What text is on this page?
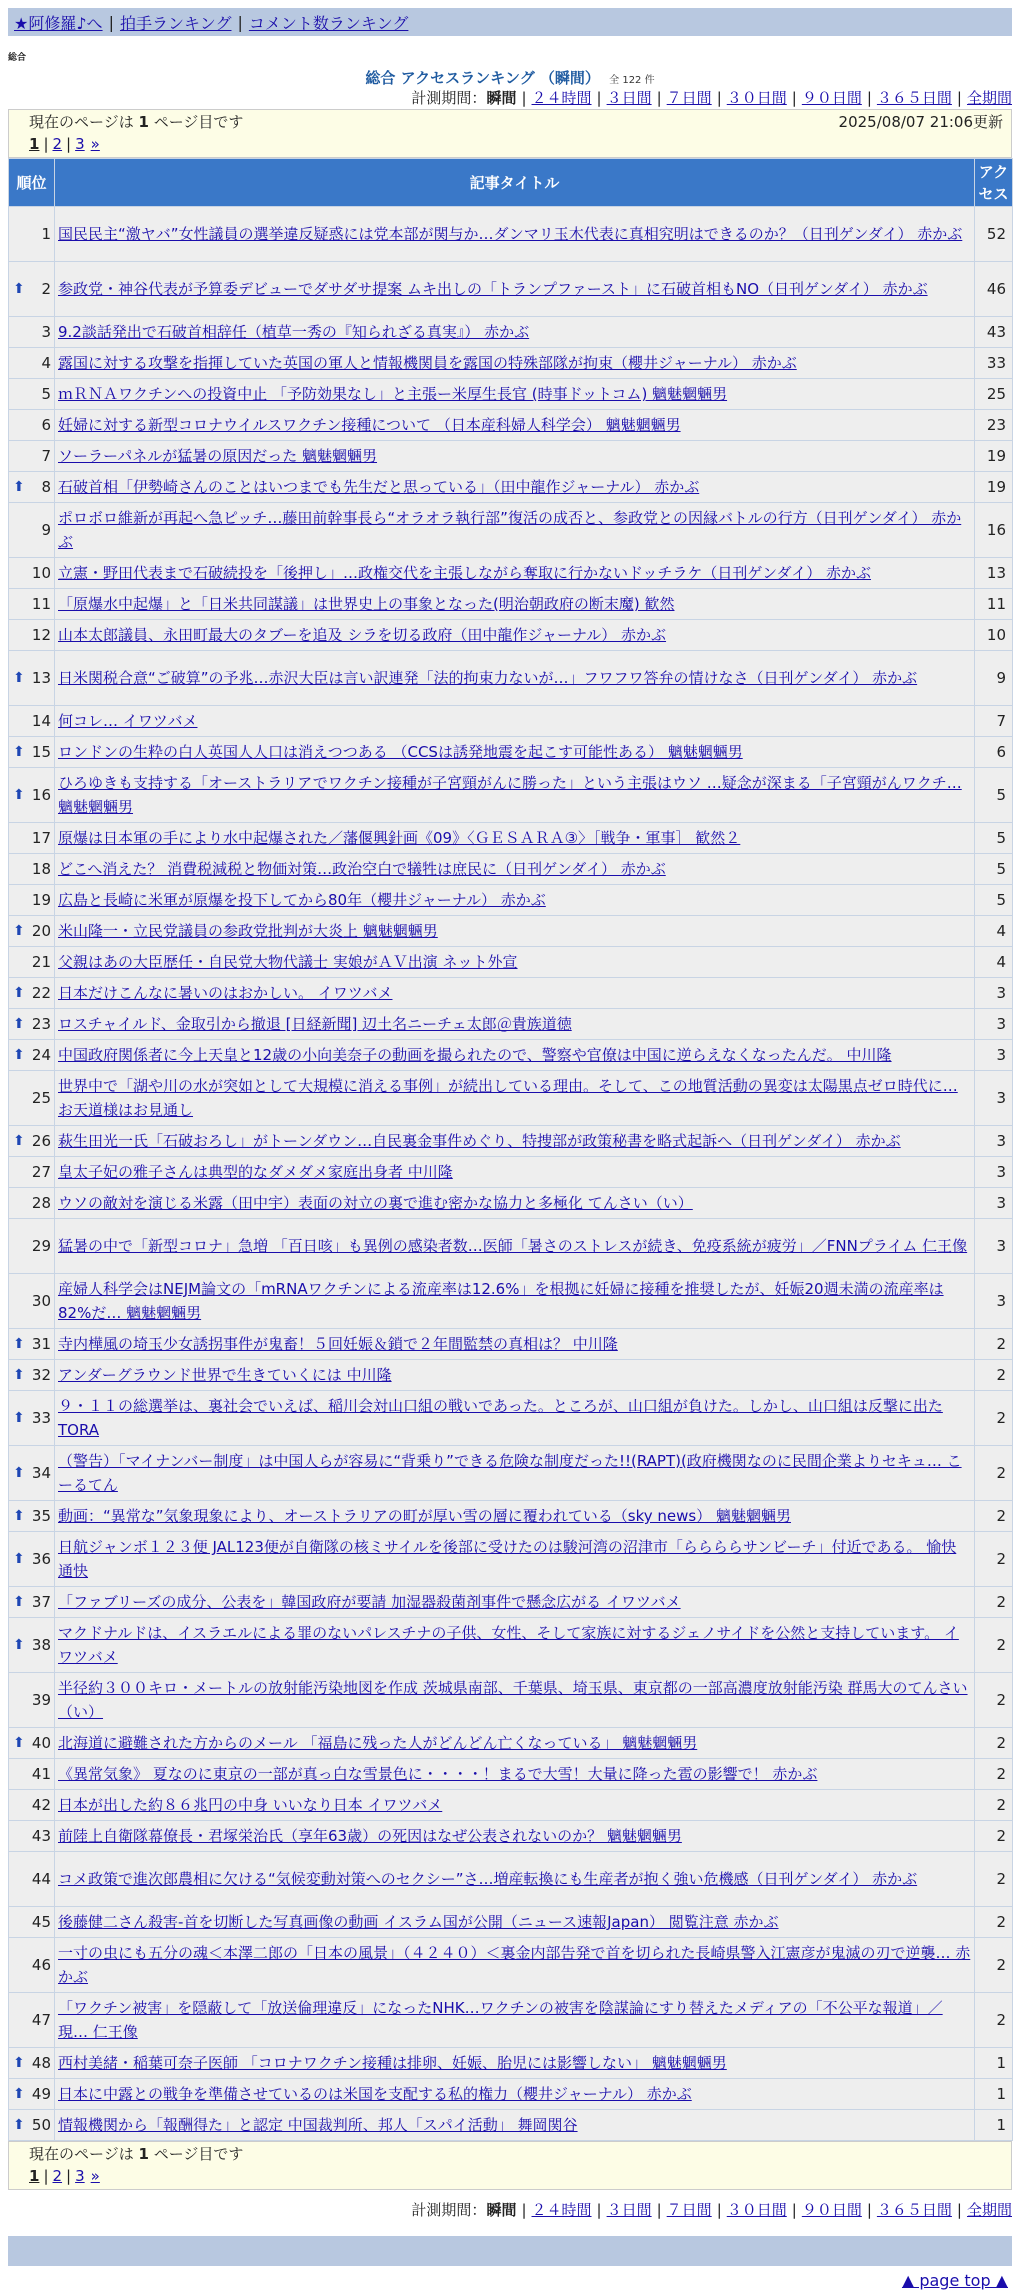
★阿修羅♪へ | 拍手ランキング | コメント数ランキング
総合
総合 アクセスランキング （瞬間） 全 122 件
計測期間：瞬間 | ２４時間 | ３日間 | ７日間 | ３０日間 | ９０日間 | ３６５日間 | 全期間
現在のページは 1 ページ目です	2025/08/07 21:06更新
1 | 2 | 3 »
順位	記事タイトル	アクセス
1	国民民主“激ヤバ”女性議員の選挙違反疑惑には党本部が関与か…ダンマリ玉木代表に真相究明はできるのか？（日刊ゲンダイ） 赤かぶ	52

⬆ 2	参政党・神谷代表が予算委デビューでダサダサ提案 ムキ出しの「トランプファースト」に石破首相もNO（日刊ゲンダイ） 赤かぶ	46
3	9.2談話発出で石破首相辞任（植草一秀の『知られざる真実』） 赤かぶ	43
4	露国に対する攻撃を指揮していた英国の軍人と情報機関員を露国の特殊部隊が拘束（櫻井ジャーナル） 赤かぶ	33
5	ｍＲＮＡワクチンへの投資中止 「予防効果なし」と主張ー米厚生長官 (時事ドットコム) 魑魅魍魎男	25
6	妊婦に対する新型コロナウイルスワクチン接種について （日本産科婦人科学会） 魑魅魍魎男	23
7	ソーラーパネルが猛暑の原因だった 魑魅魍魎男	19

⬆ 8	石破首相「伊勢崎さんのことはいつまでも先生だと思っている」（田中龍作ジャーナル） 赤かぶ	19
9	ポロボロ維新が再起へ急ピッチ…藤田前幹事長ら“オラオラ執行部”復活の成否と、参政党との因縁バトルの行方（日刊ゲンダイ） 赤かぶ	16
10	立憲・野田代表まで石破続投を「後押し」…政権交代を主張しながら奪取に行かないドッチラケ（日刊ゲンダイ） 赤かぶ	13
11	「原爆水中起爆」と「日米共同謀議」は世界史上の事象となった(明治朝政府の断末魔) 歓然	11
12	山本太郎議員、永田町最大のタブーを追及 シラを切る政府（田中龍作ジャーナル） 赤かぶ	10

⬆ 13	日米関税合意“ご破算”の予兆…赤沢大臣は言い訳連発「法的拘束力ないが…」フワフワ答弁の情けなさ（日刊ゲンダイ） 赤かぶ	9
14	何コレ… イワツバメ	7

⬆ 15	ロンドンの生粋の白人英国人人口は消えつつある （CCSは誘発地震を起こす可能性ある） 魑魅魍魎男	6

⬆ 16	ひろゆきも支持する「オーストラリアでワクチン接種が子宮頸がんに勝った」という主張はウソ …疑念が深まる「子宮頸がんワクチ… 魑魅魍魎男	5
17	原爆は日本軍の手により水中起爆された／藩偃興針画《09》〈ＧＥＳＡＲＡ③〉［戦争・軍事］ 歓然２	5
18	どこへ消えた？ 消費税減税と物価対策…政治空白で犠牲は庶民に（日刊ゲンダイ） 赤かぶ	5
19	広島と長崎に米軍が原爆を投下してから80年（櫻井ジャーナル） 赤かぶ	5

⬆ 20	米山隆一・立民党議員の参政党批判が大炎上 魑魅魍魎男	4
21	父親はあの大臣歴任・自民党大物代議士 実娘がＡＶ出演 ネット外宣	4

⬆ 22	日本だけこんなに暑いのはおかしい。 イワツバメ	3

⬆ 23	ロスチャイルド、金取引から撤退 [日経新聞] 辺土名ニーチェ太郎＠貴族道徳	3

⬆ 24	中国政府関係者に今上天皇と12歳の小向美奈子の動画を撮られたので、警察や官僚は中国に逆らえなくなったんだ。 中川隆	3
25	世界中で「湖や川の水が突如として大規模に消える事例」が続出している理由。そして、この地質活動の異変は太陽黒点ゼロ時代に… お天道様はお見通し	3

⬆ 26	萩生田光一氏「石破おろし」がトーンダウン…自民裏金事件めぐり、特捜部が政策秘書を略式起訴へ（日刊ゲンダイ） 赤かぶ	3
27	皇太子妃の雅子さんは典型的なダメダメ家庭出身者 中川隆	3
28	ウソの敵対を演じる米露（田中宇）表面の対立の裏で進む密かな協力と多極化 てんさい（い）	3
29	猛暑の中で「新型コロナ」急増 「百日咳」も異例の感染者数…医師「暑さのストレスが続き、免疫系統が疲労」／FNNプライム 仁王像	3
30	産婦人科学会はNEJM論文の「mRNAワクチンによる流産率は12.6%」を根拠に妊婦に接種を推奨したが、妊娠20週未満の流産率は82%だ… 魑魅魍魎男	3

⬆ 31	寺内樺風の埼玉少女誘拐事件が鬼畜！５回妊娠＆鎖で２年間監禁の真相は？ 中川隆	2

⬆ 32	アンダーグラウンド世界で生きていくには 中川隆	2

⬆ 33	９・１１の総選挙は、裏社会でいえば、稲川会対山口組の戦いであった。ところが、山口組が負けた。しかし、山口組は反撃に出た TORA	2

⬆ 34	（警告）「マイナンバー制度」は中国人らが容易に“背乗り”できる危険な制度だった!!(RAPT)(政府機関なのに民間企業よりセキュ… こーるてん	2

⬆ 35	動画：“異常な”気象現象により、オーストラリアの町が厚い雪の層に覆われている（sky news） 魑魅魍魎男	2

⬆ 36	日航ジャンボ１２３便 JAL123便が自衛隊の核ミサイルを後部に受けたのは駿河湾の沼津市「ららららサンビーチ」付近である。 愉快通快	2

⬆ 37	「ファブリーズの成分、公表を」韓国政府が要請 加湿器殺菌剤事件で懸念広がる イワツバメ	2

⬆ 38	マクドナルドは、イスラエルによる罪のないパレスチナの子供、女性、そして家族に対するジェノサイドを公然と支持しています。 イワツバメ	2
39	半径約３００キロ・メートルの放射能汚染地図を作成 茨城県南部、千葉県、埼玉県、東京都の一部高濃度放射能汚染 群馬大のてんさい（い）	2

⬆ 40	北海道に避難された方からのメール 「福島に残った人がどんどん亡くなっている」 魑魅魍魎男	2
41	《異常気象》 夏なのに東京の一部が真っ白な雪景色に・・・・！まるで大雪！大量に降った雹の影響で！ 赤かぶ	2
42	日本が出した約８６兆円の中身 いいなり日本 イワツバメ	2
43	前陸上自衛隊幕僚長・君塚栄治氏（享年63歳）の死因はなぜ公表されないのか？ 魑魅魍魎男	2
44	コメ政策で進次郎農相に欠ける“気候変動対策へのセクシー”さ…増産転換にも生産者が抱く強い危機感（日刊ゲンダイ） 赤かぶ	2
45	後藤健二さん殺害-首を切断した写真画像の動画 イスラム国が公開（ニュース速報Japan） 閲覧注意 赤かぶ	2
46	一寸の虫にも五分の魂＜本澤二郎の「日本の風景」（４２４０）＜裏金内部告発で首を切られた長崎県警入江憲彦が鬼滅の刃で逆襲… 赤かぶ	2
47	「ワクチン被害」を隠蔽して「放送倫理違反」になったNHK…ワクチンの被害を陰謀論にすり替えたメディアの「不公平な報道」／現… 仁王像	2

⬆ 48	西村美緒・稲葉可奈子医師 「コロナワクチン接種は排卵、妊娠、胎児には影響しない」 魑魅魍魎男	1

⬆ 49	日本に中露との戦争を準備させているのは米国を支配する私的権力（櫻井ジャーナル） 赤かぶ	1

⬆ 50	情報機関から「報酬得た」と認定 中国裁判所、邦人「スパイ活動」 舞岡関谷	1
現在のページは 1 ページ目です
1 | 2 | 3 »
計測期間：瞬間 | ２４時間 | ３日間 | ７日間 | ３０日間 | ９０日間 | ３６５日間 | 全期間
▲ page top ▲
